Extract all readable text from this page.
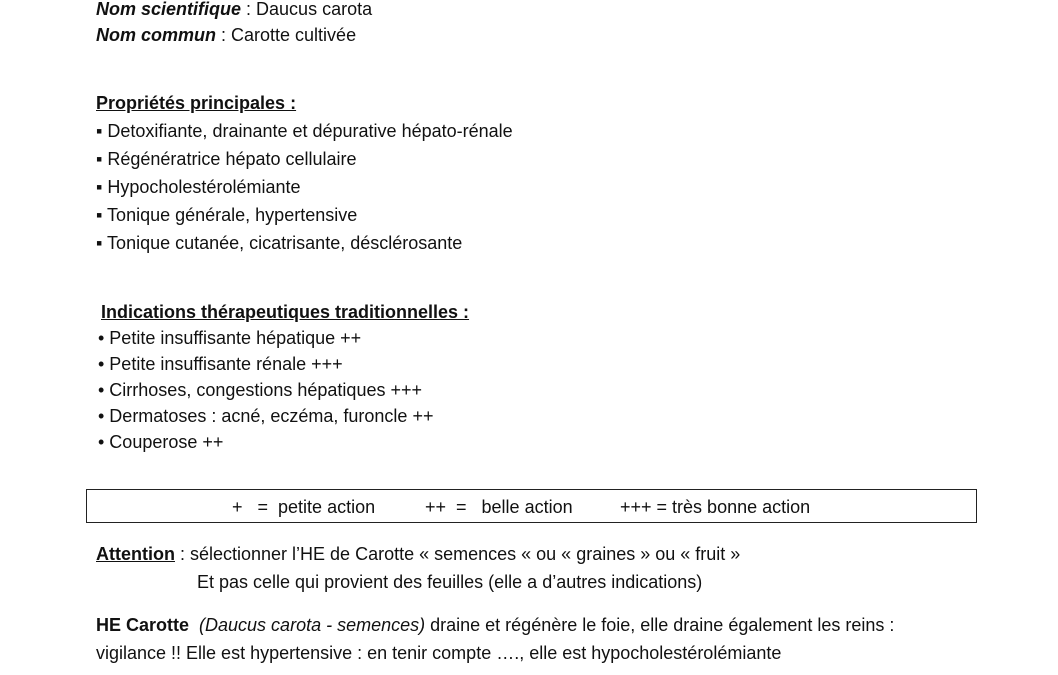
Nom scientifique : Daucus carota
Nom commun : Carotte cultivée
Propriétés principales :
▪ Detoxifiante, drainante et dépurative hépato-rénale
▪ Régénératrice hépato cellulaire
▪ Hypocholestérolémiante
▪ Tonique générale, hypertensive
▪ Tonique cutanée, cicatrisante, désclérosante
Indications thérapeutiques traditionnelles :
• Petite insuffisante hépatique ++
• Petite insuffisante rénale +++
• Cirrhoses, congestions hépatiques +++
• Dermatoses : acné, eczéma, furoncle ++
• Couperose ++
+   =  petite action	++  =   belle action	+++ = très bonne action
Attention : sélectionner l’HE de Carotte « semences « ou « graines » ou « fruit »
Et pas celle qui provient des feuilles (elle a d’autres indications)
HE Carotte (Daucus carota - semences) draine et régénère le foie, elle draine également les reins :
vigilance !! Elle est hypertensive : en tenir compte …., elle est hypocholestérolémiante
